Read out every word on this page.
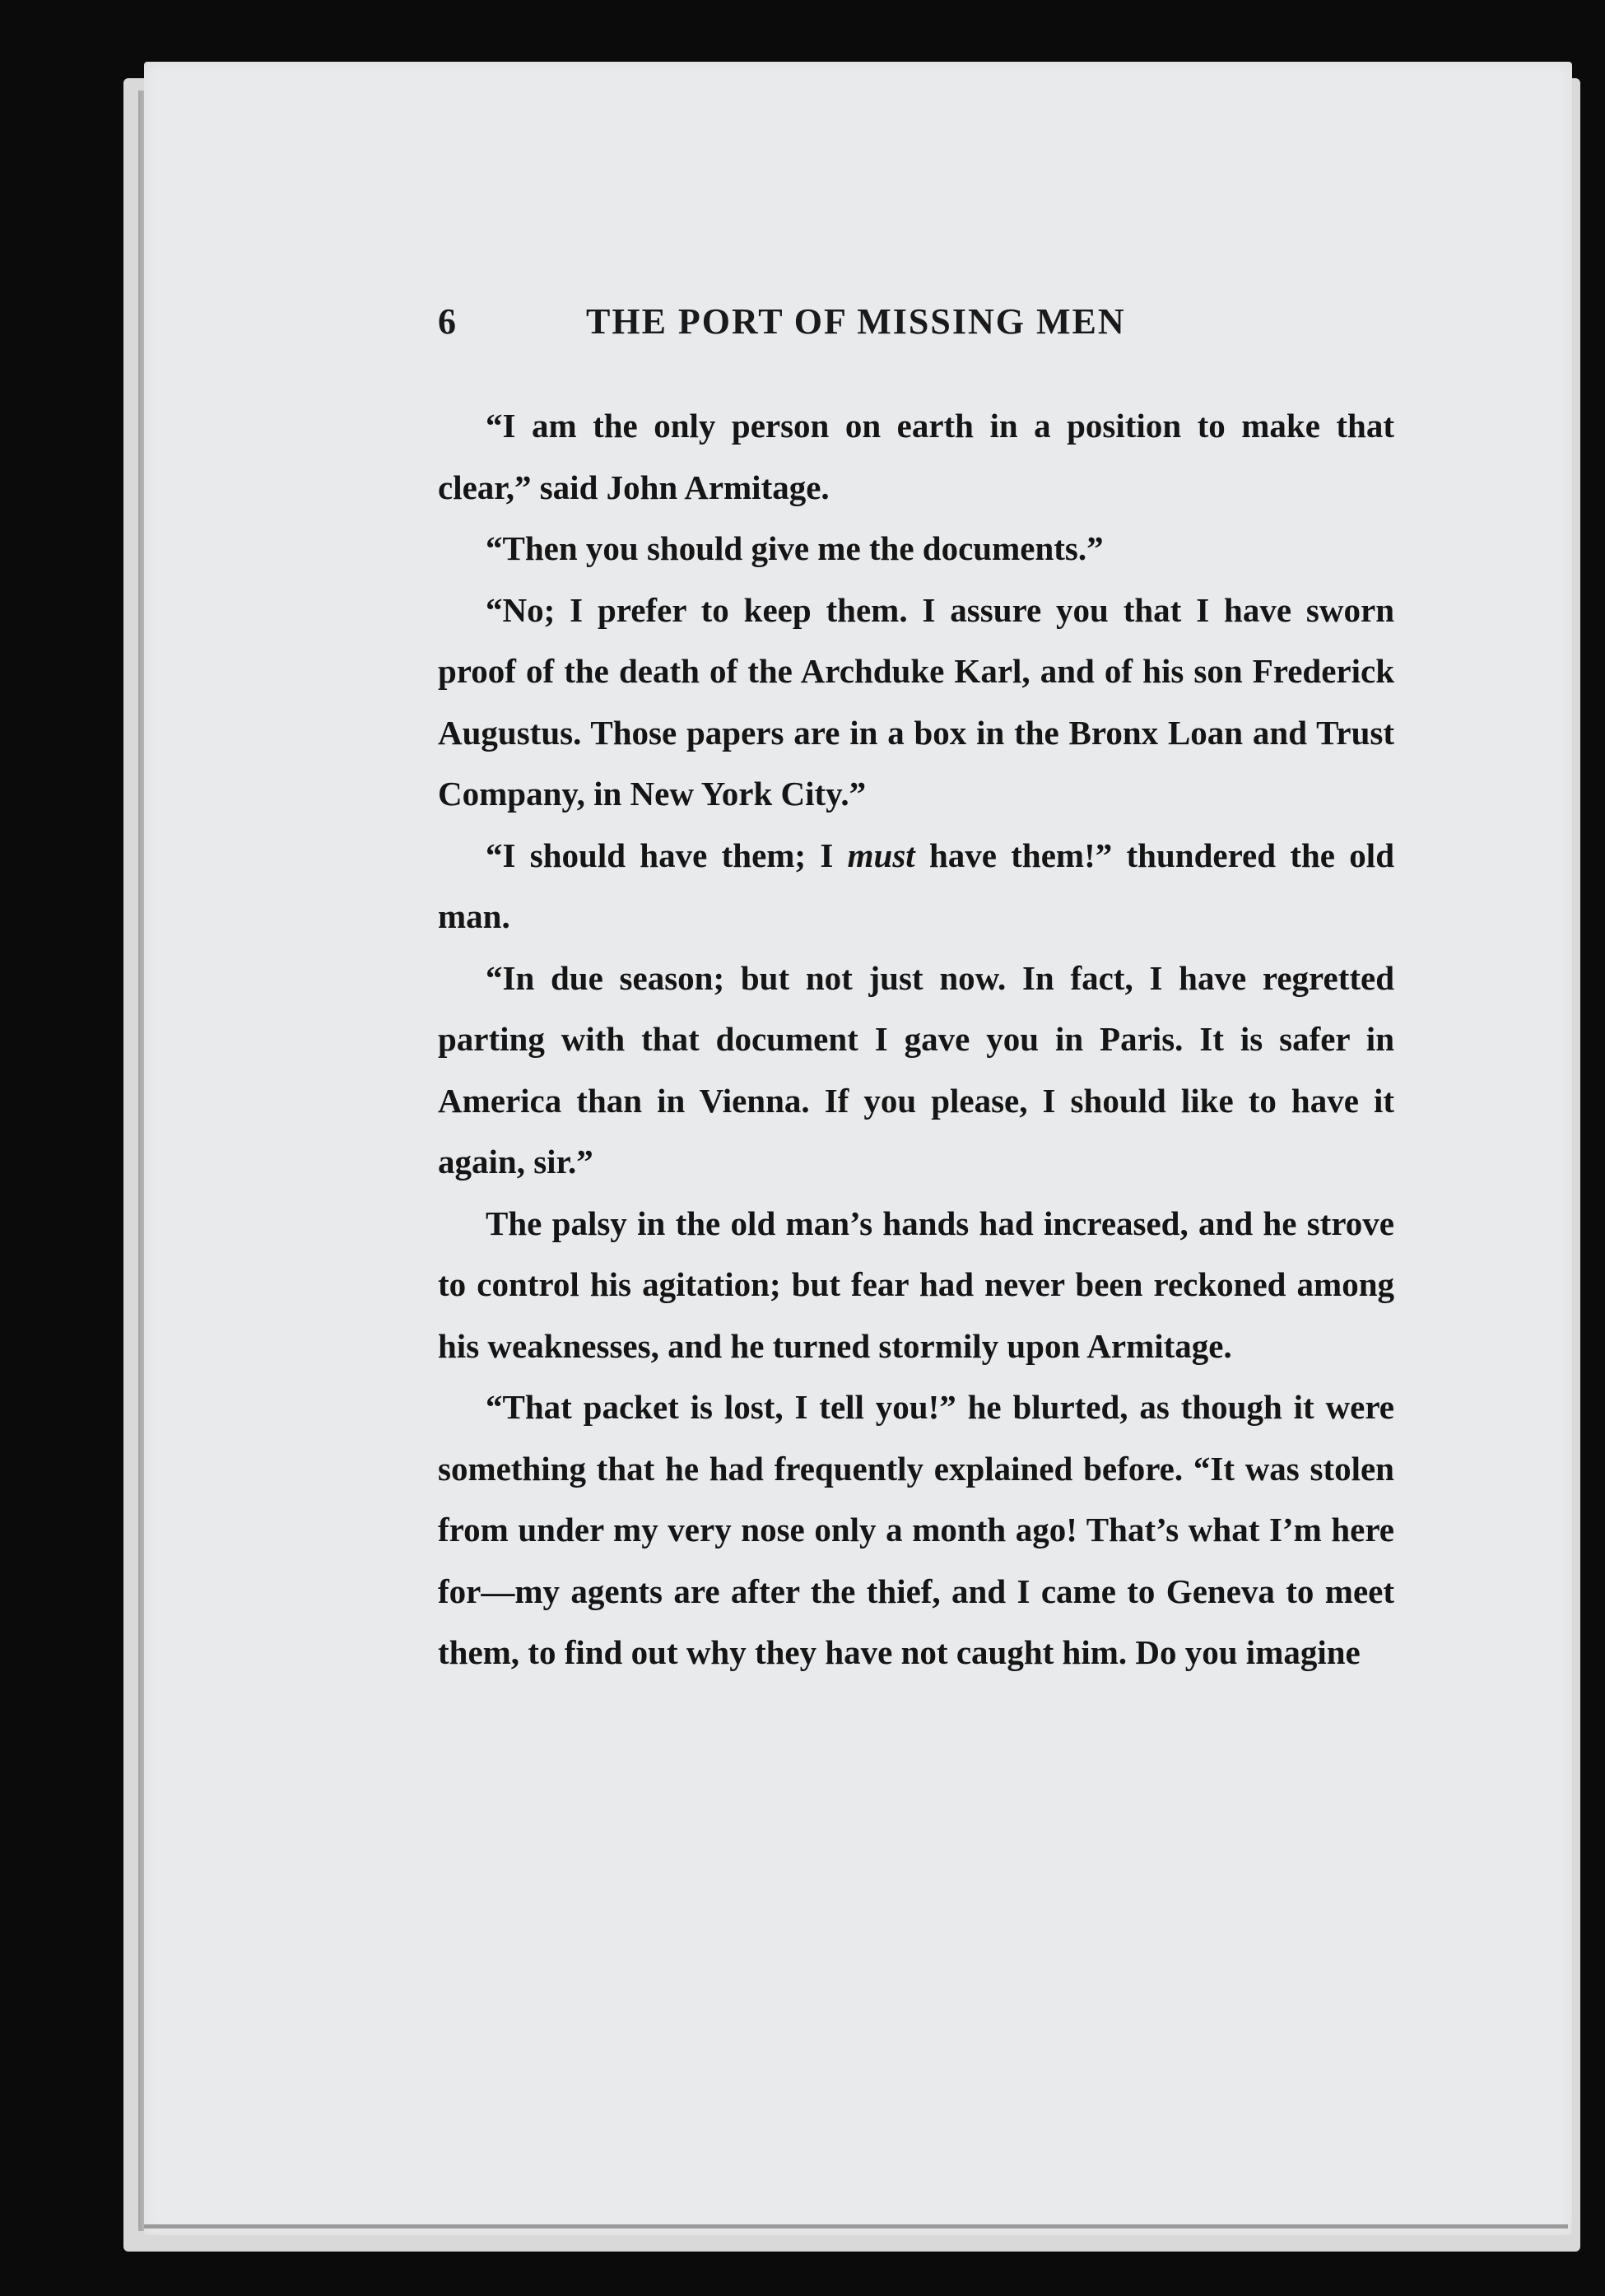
6	THE PORT OF MISSING MEN

“I am the only person on earth in a position to make that clear,” said John Armitage.

“Then you should give me the documents.”

“No; I prefer to keep them. I assure you that I have sworn proof of the death of the Archduke Karl, and of his son Frederick Augustus. Those papers are in a box in the Bronx Loan and Trust Company, in New York City.”

“I should have them; I must have them!” thundered the old man.

“In due season; but not just now. In fact, I have regretted parting with that document I gave you in Paris. It is safer in America than in Vienna. If you please, I should like to have it again, sir.”

The palsy in the old man’s hands had increased, and he strove to control his agitation; but fear had never been reckoned among his weaknesses, and he turned stormily upon Armitage.

“That packet is lost, I tell you!” he blurted, as though it were something that he had frequently explained before. “It was stolen from under my very nose only a month ago! That’s what I’m here for—my agents are after the thief, and I came to Geneva to meet them, to find out why they have not caught him. Do you imagine
